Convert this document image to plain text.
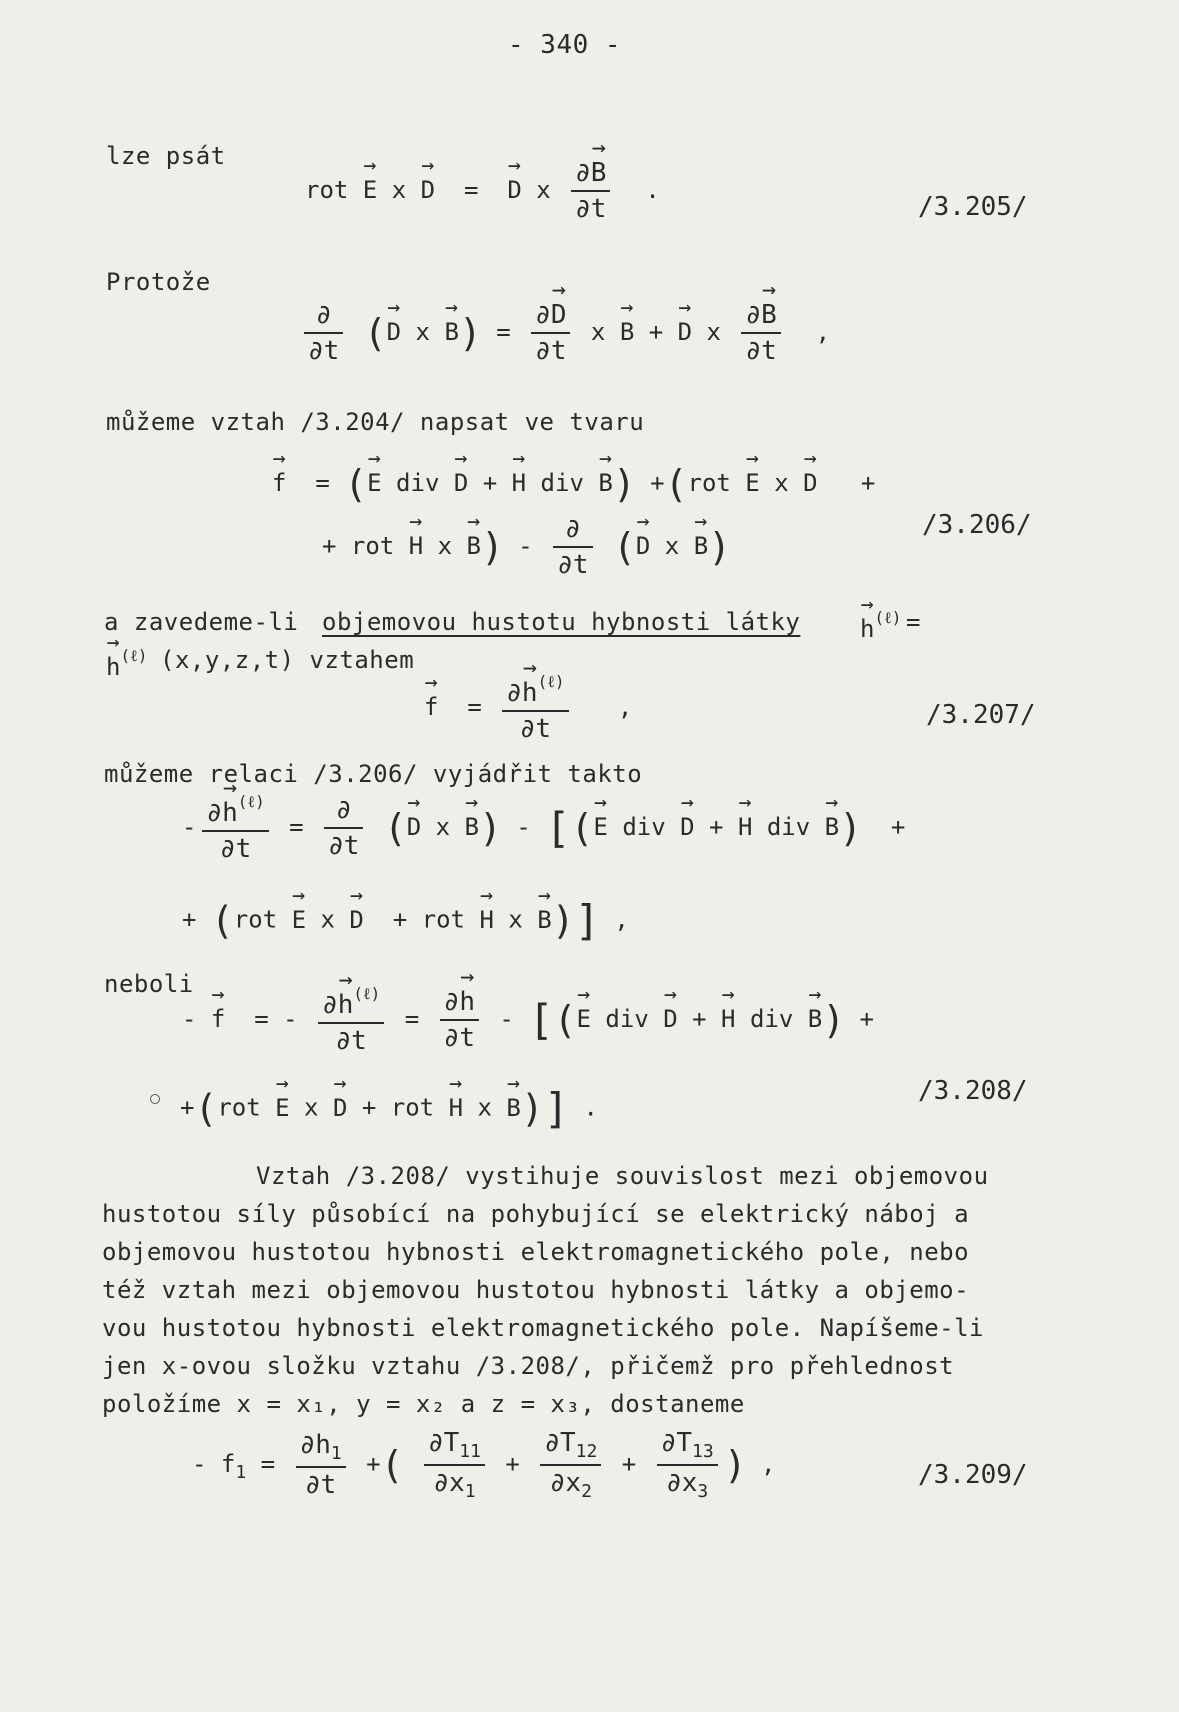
- 340 -
lze psát
rot → E x → D  =  → D x $\frac{\partial\to B}{\partial t}$ .
/3.205/
Protože
$\frac{\partial}{\partial t}$ (→ D $x \to B) = \frac{\partial\to D}{\partial t}$ x → B + → D x $\frac{\partial\to B}{\partial t}$ ,
můžeme vztah /3.204/ napsat ve tvaru
→ f  = (→ E div → D + → H div → B) +(rot → E x → D   +
+ rot → H $x \to B) - \frac{\partial}{\partial t}$ (→ D x → B)	/3.206/
a zavedeme-li objemovou hustotu hybnosti látky
→ $h^{(\ell)}$ =
→ $h^{(\ell)}$ (x,y,z,t) vztahem
→ $f = \frac{\partial\to h^{(\ell)}}{\partial t}$ ,	/3.207/
můžeme relaci /3.206/ vyjádřit takto
- $\frac{\partial\to h^{(\ell)}}{\partial t} = \frac{\partial}{\partial t}$ (→ D x → B) - [(→ E div → D + → H div → B)  +
+ (rot → E x → D  + rot → H x → B)] ,
neboli
- → f  = - $\frac{\partial\to h^{(\ell)}}{\partial t} = \frac{\partial\to h}{\partial t}$ - [(→ E div → D + → H div → B) +
+(rot → E x → D + rot → H x → B)] .
/3.208/
Vztah /3.208/ vystihuje souvislost mezi objemovou
hustotou síly působící na pohybující se elektrický náboj a
objemovou hustotou hybnosti elektromagnetického pole, nebo
též vztah mezi objemovou hustotou hybnosti látky a objemo-
vou hustotou hybnosti elektromagnetického pole. Napíšeme-li
jen x-ovou složku vztahu /3.208/, přičemž pro přehlednost
položíme x = x₁, y = x₂ a z = x₃, dostaneme
- $f_1 = \frac{\partial h_1}{\partial t}$ +( $\frac{\partial T_{11}}{\partial x_1} + \frac{\partial T_{12}}{\partial x_2} + \frac{\partial T_{13}}{\partial x_3}$ ) ,	/3.209/
